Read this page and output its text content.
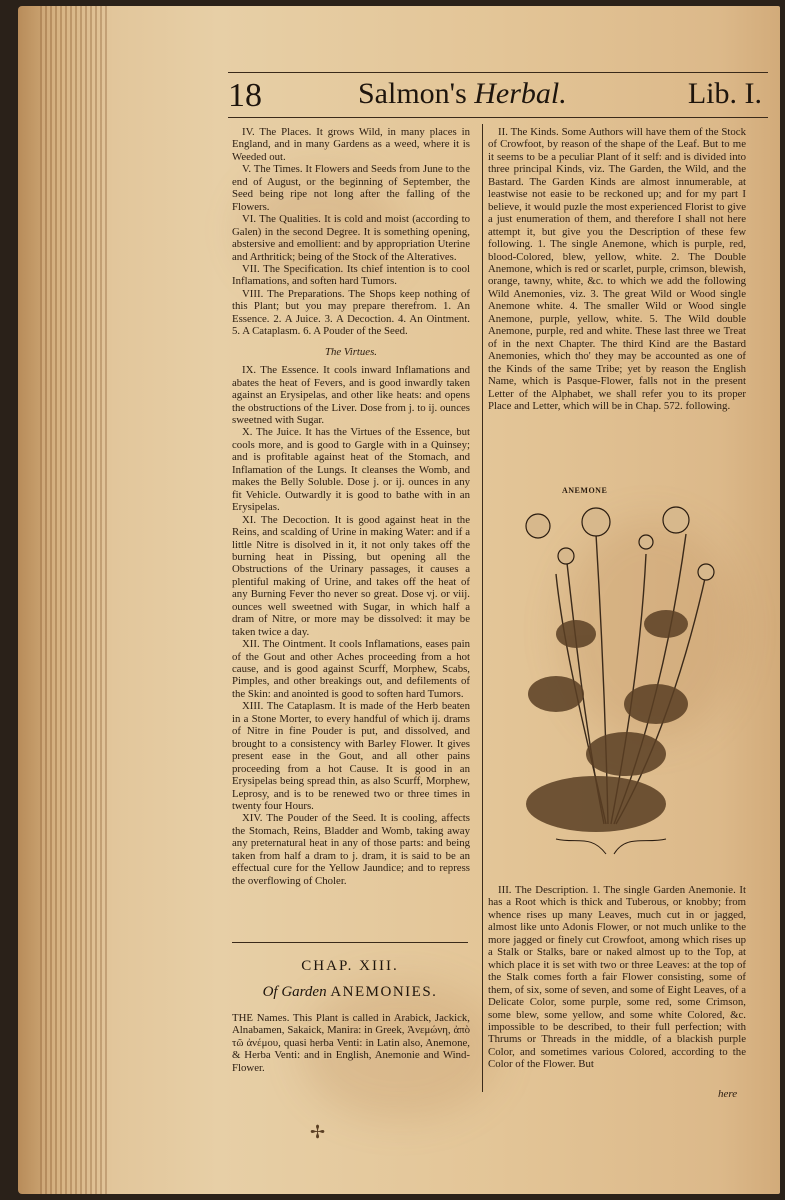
18	Salmon's Herbal.	Lib. I.

IV. The Places. It grows Wild, in many places in England, and in many Gardens as a weed, where it is Weeded out.

V. The Times. It Flowers and Seeds from June to the end of August, or the beginning of September, the Seed being ripe not long after the falling of the Flowers.

VI. The Qualities. It is cold and moist (according to Galen) in the second Degree. It is something opening, abstersive and emollient: and by appropriation Uterine and Arthritick; being of the Stock of the Alteratives.

VII. The Specification. Its chief intention is to cool Inflamations, and soften hard Tumors.

VIII. The Preparations. The Shops keep nothing of this Plant; but you may prepare therefrom. 1. An Essence. 2. A Juice. 3. A Decoction. 4. An Ointment. 5. A Cataplasm. 6. A Pouder of the Seed.

The Virtues.

IX. The Essence. It cools inward Inflamations and abates the heat of Fevers, and is good inwardly taken against an Erysipelas, and other like heats: and opens the obstructions of the Liver. Dose from j. to ij. ounces sweetned with Sugar.

X. The Juice. It has the Virtues of the Essence, but cools more, and is good to Gargle with in a Quinsey; and is profitable against heat of the Stomach, and Inflamation of the Lungs. It cleanses the Womb, and makes the Belly Soluble. Dose j. or ij. ounces in any fit Vehicle. Outwardly it is good to bathe with in an Erysipelas.

XI. The Decoction. It is good against heat in the Reins, and scalding of Urine in making Water: and if a little Nitre is disolved in it, it not only takes off the burning heat in Pissing, but opening all the Obstructions of the Urinary passages, it causes a plentiful making of Urine, and takes off the heat of any Burning Fever tho never so great. Dose vj. or viij. ounces well sweetned with Sugar, in which half a dram of Nitre, or more may be dissolved: it may be taken twice a day.

XII. The Ointment. It cools Inflamations, eases pain of the Gout and other Aches proceeding from a hot cause, and is good against Scurff, Morphew, Scabs, Pimples, and other breakings out, and defilements of the Skin: and anointed is good to soften hard Tumors.

XIII. The Cataplasm. It is made of the Herb beaten in a Stone Morter, to every handful of which ij. drams of Nitre in fine Pouder is put, and dissolved, and brought to a consistency with Barley Flower. It gives present ease in the Gout, and all other pains proceeding from a hot Cause. It is good in an Erysipelas being spread thin, as also Scurff, Morphew, Leprosy, and is to be renewed two or three times in twenty four Hours.

XIV. The Pouder of the Seed. It is cooling, affects the Stomach, Reins, Bladder and Womb, taking away any preternatural heat in any of those parts: and being taken from half a dram to j. dram, it is said to be an effectual cure for the Yellow Jaundice; and to repress the overflowing of Choler.

CHAP. XIII.
Of Garden ANEMONIES.

THE Names. This Plant is called in Arabick, Jackick, Alnabamen, Sakaick, Manira: in Greek, Ἀνεμώνη, ἀπὸ τῶ ἀνέμου, quasi herba Venti: in Latin also, Anemone, & Herba Venti: and in English, Anemonie and Wind-Flower.

II. The Kinds. Some Authors will have them of the Stock of Crowfoot, by reason of the shape of the Leaf. But to me it seems to be a peculiar Plant of it self: and is divided into three principal Kinds, viz. The Garden, the Wild, and the Bastard. The Garden Kinds are almost innumerable, at leastwise not easie to be reckoned up; and for my part I believe, it would puzle the most experienced Florist to give a just enumeration of them, and therefore I shall not here attempt it, but give you the Description of these few following. 1. The single Anemone, which is purple, red, blood-Colored, blew, yellow, white. 2. The Double Anemone, which is red or scarlet, purple, crimson, blewish, orange, tawny, white, &c. to which we add the following Wild Anemonies, viz. 3. The great Wild or Wood single Anemone white. 4. The smaller Wild or Wood single Anemone, purple, yellow, white. 5. The Wild double Anemone, purple, red and white. These last three we Treat of in the next Chapter. The third Kind are the Bastard Anemonies, which tho' they may be accounted as one of the Kinds of the same Tribe; yet by reason the English Name, which is Pasque-Flower, falls not in the present Letter of the Alphabet, we shall refer you to its proper Place and Letter, which will be in Chap. 572. following.

ANEMONE

III. The Description. 1. The single Garden Anemonie. It has a Root which is thick and Tuberous, or knobby; from whence rises up many Leaves, much cut in or jagged, almost like unto Adonis Flower, or not much unlike to the more jagged or finely cut Crowfoot, among which rises up a Stalk or Stalks, bare or naked almost up to the Top, at which place it is set with two or three Leaves: at the top of the Stalk comes forth a fair Flower consisting, some of them, of six, some of seven, and some of Eight Leaves, of a Delicate Color, some purple, some red, some Crimson, some blew, some yellow, and some white Colored, &c. impossible to be described, to their full perfection; with Thrums or Threads in the middle, of a blackish purple Color, and sometimes various Colored, according to the Color of the Flower. But

here
✢
